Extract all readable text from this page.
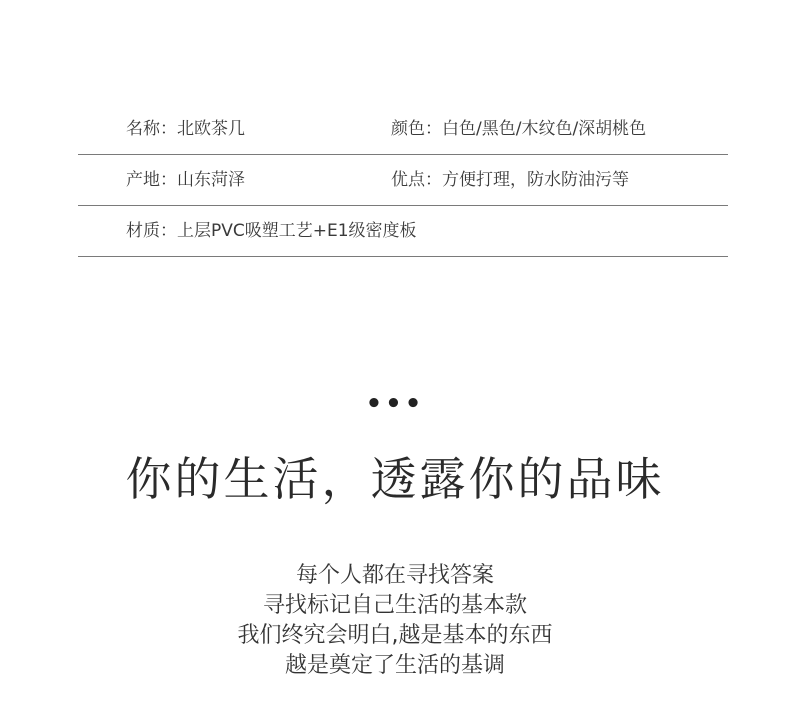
名称：北欧茶几	颜色：白色/黑色/木纹色/深胡桃色
产地：山东菏泽	优点：方便打理，防水防油污等
材质：上层PVC吸塑工艺+E1级密度板
•••
你的生活，透露你的品味
每个人都在寻找答案
寻找标记自己生活的基本款
我们终究会明白,越是基本的东西
越是奠定了生活的基调
